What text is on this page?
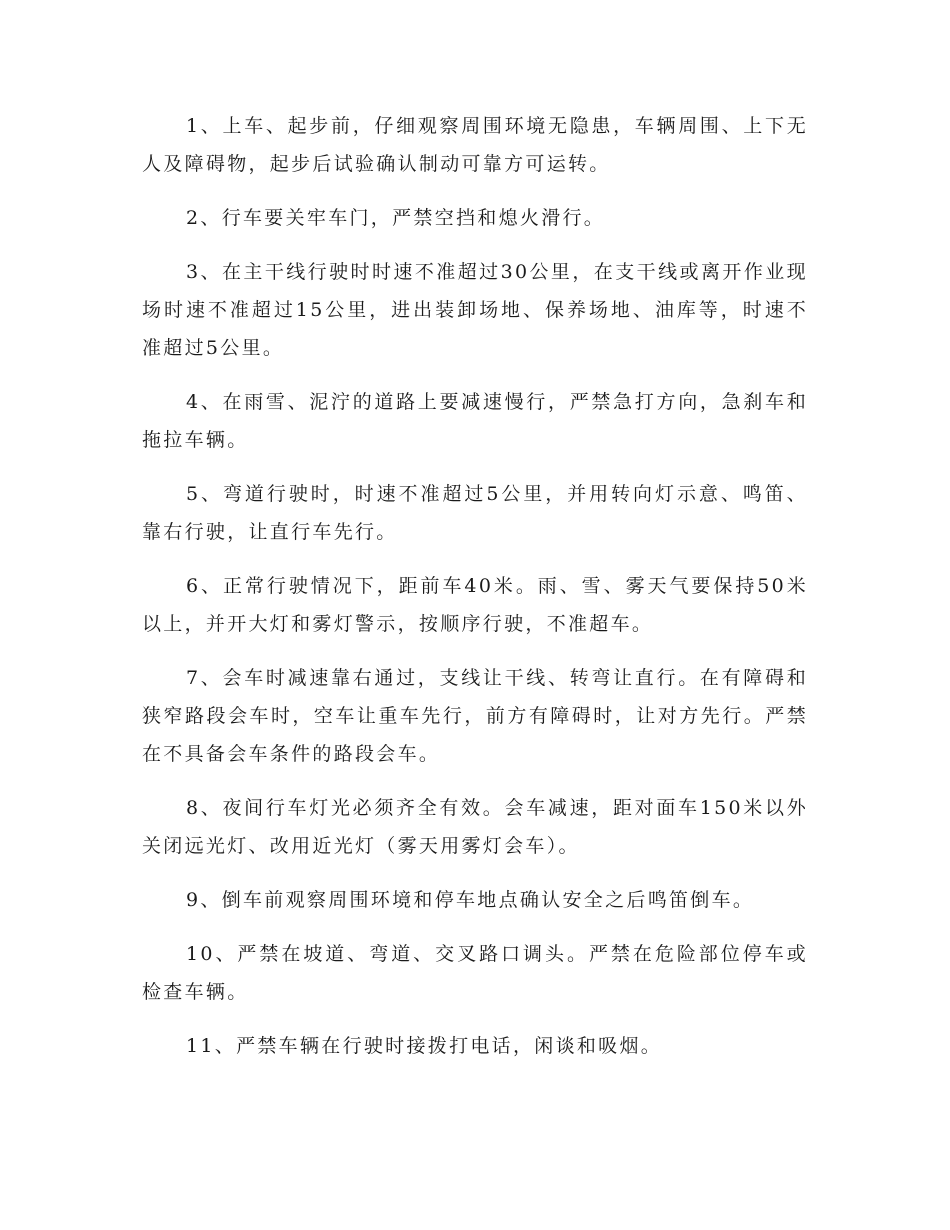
1、上车、起步前，仔细观察周围环境无隐患，车辆周围、上下无人及障碍物，起步后试验确认制动可靠方可运转。

2、行车要关牢车门，严禁空挡和熄火滑行。

3、在主干线行驶时时速不准超过30公里，在支干线或离开作业现场时速不准超过15公里，进出装卸场地、保养场地、油库等，时速不准超过5公里。

4、在雨雪、泥泞的道路上要减速慢行，严禁急打方向，急刹车和拖拉车辆。

5、弯道行驶时，时速不准超过5公里，并用转向灯示意、鸣笛、靠右行驶，让直行车先行。

6、正常行驶情况下，距前车40米。雨、雪、雾天气要保持50米以上，并开大灯和雾灯警示，按顺序行驶，不准超车。

7、会车时减速靠右通过，支线让干线、转弯让直行。在有障碍和狭窄路段会车时，空车让重车先行，前方有障碍时，让对方先行。严禁在不具备会车条件的路段会车。

8、夜间行车灯光必须齐全有效。会车减速，距对面车150米以外关闭远光灯、改用近光灯（雾天用雾灯会车）。

9、倒车前观察周围环境和停车地点确认安全之后鸣笛倒车。

10、严禁在坡道、弯道、交叉路口调头。严禁在危险部位停车或检查车辆。

11、严禁车辆在行驶时接拨打电话，闲谈和吸烟。
